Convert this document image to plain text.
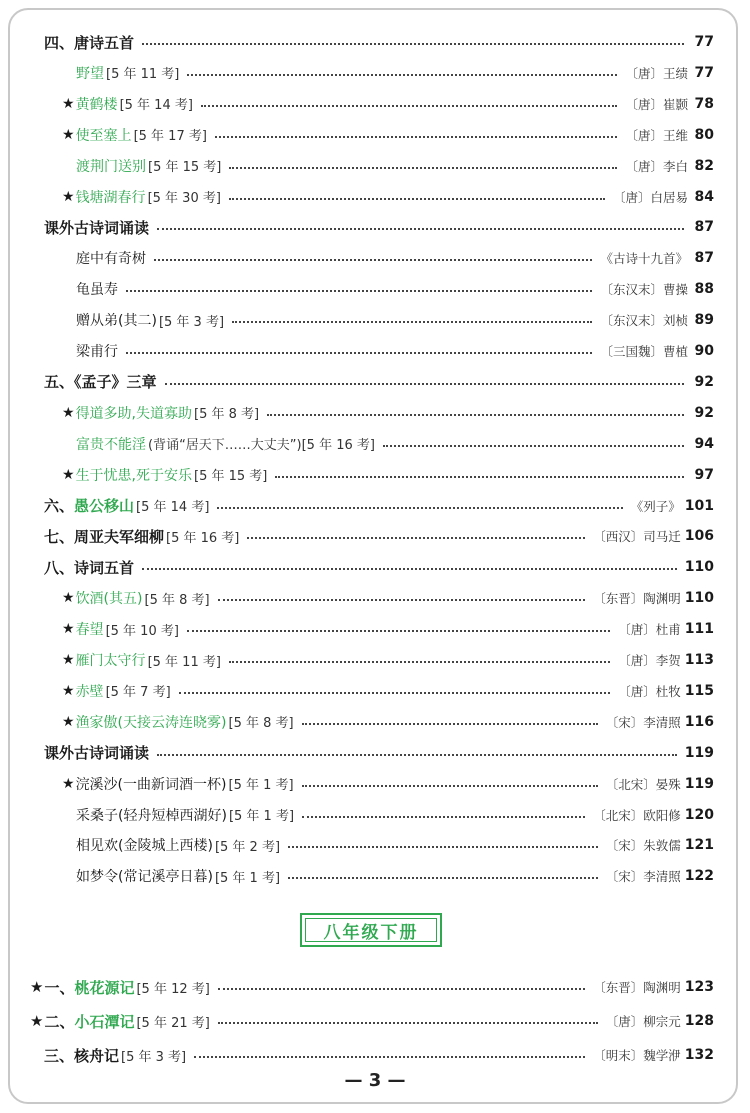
四、唐诗五首	77
野望 [5 年 11 考]	〔唐〕王绩 77
★ 黄鹤楼 [5 年 14 考]	〔唐〕崔颢 78
★ 使至塞上 [5 年 17 考]	〔唐〕王维 80
渡荆门送别 [5 年 15 考]	〔唐〕李白 82
★ 钱塘湖春行 [5 年 30 考]	〔唐〕白居易 84
课外古诗词诵读	87
庭中有奇树	《古诗十九首》 87
龟虽寿	〔东汉末〕曹操 88
赠从弟(其二) [5 年 3 考]	〔东汉末〕刘桢 89
梁甫行	〔三国魏〕曹植 90
五、《孟子》三章	92
★ 得道多助,失道寡助 [5 年 8 考]	92
富贵不能淫 (背诵“居天下……大丈夫”)[5 年 16 考]	94
★ 生于忧患,死于安乐 [5 年 15 考]	97
六、 愚公移山 [5 年 14 考]	《列子》 101
七、周亚夫军细柳 [5 年 16 考]	〔西汉〕司马迁 106
八、诗词五首	110
★ 饮酒(其五) [5 年 8 考]	〔东晋〕陶渊明 110
★ 春望 [5 年 10 考]	〔唐〕杜甫 111
★ 雁门太守行 [5 年 11 考]	〔唐〕李贺 113
★ 赤壁 [5 年 7 考]	〔唐〕杜牧 115
★ 渔家傲(天接云涛连晓雾) [5 年 8 考]	〔宋〕李清照 116
课外古诗词诵读	119
★ 浣溪沙(一曲新词酒一杯) [5 年 1 考]	〔北宋〕晏殊 119
采桑子(轻舟短棹西湖好) [5 年 1 考]	〔北宋〕欧阳修 120
相见欢(金陵城上西楼) [5 年 2 考]	〔宋〕朱敦儒 121
如梦令(常记溪亭日暮) [5 年 1 考]	〔宋〕李清照 122
★ 一、 桃花源记 [5 年 12 考]	〔东晋〕陶渊明 123
★ 二、 小石潭记 [5 年 21 考]	〔唐〕柳宗元 128
三、核舟记 [5 年 3 考]	〔明末〕魏学洢 132
八年级下册
— 3 —
